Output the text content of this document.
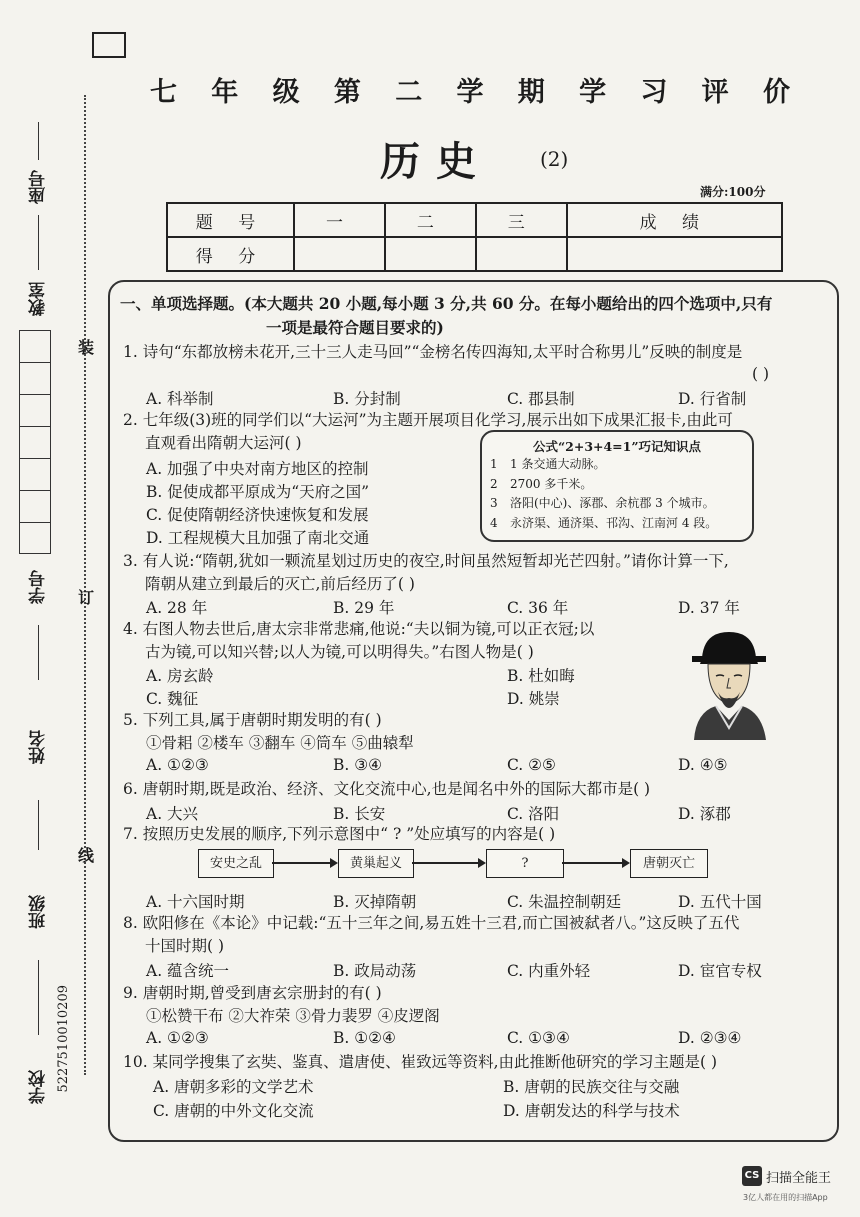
装
订
线
座号
教室
学号
姓名
班级
5227510010209
学校
七 年 级 第 二 学 期 学 习 评 价
历史 (2)
满分:100分
题 号	一	二	三	成 绩
得 分				
一、单项选择题。(本大题共 20 小题,每小题 3 分,共 60 分。在每小题给出的四个选项中,只有
一项是最符合题目要求的)
1. 诗句“东都放榜未花开,三十三人走马回”“金榜名传四海知,太平时合称男儿”反映的制度是
( )
A. 科举制	B. 分封制	C. 郡县制	D. 行省制
2. 七年级(3)班的同学们以“大运河”为主题开展项目化学习,展示出如下成果汇报卡,由此可
直观看出隋朝大运河( )
A. 加强了中央对南方地区的控制
B. 促使成都平原成为“天府之国”
C. 促使隋朝经济快速恢复和发展
D. 工程规模大且加强了南北交通
公式“2+3+4=1”巧记知识点
1 1 条交通大动脉。
2 2700 多千米。
3 洛阳(中心)、涿郡、余杭郡 3 个城市。
4 永济渠、通济渠、邗沟、江南河 4 段。
3. 有人说:“隋朝,犹如一颗流星划过历史的夜空,时间虽然短暂却光芒四射。”请你计算一下,
隋朝从建立到最后的灭亡,前后经历了( )
A. 28 年	B. 29 年	C. 36 年	D. 37 年
4. 右图人物去世后,唐太宗非常悲痛,他说:“夫以铜为镜,可以正衣冠;以
古为镜,可以知兴替;以人为镜,可以明得失。”右图人物是( )
A. 房玄龄	B. 杜如晦
C. 魏征	D. 姚崇
5. 下列工具,属于唐朝时期发明的有( )
①骨耜 ②楼车 ③翻车 ④筒车 ⑤曲辕犁
A. ①②③	B. ③④	C. ②⑤	D. ④⑤
6. 唐朝时期,既是政治、经济、文化交流中心,也是闻名中外的国际大都市是( )
A. 大兴	B. 长安	C. 洛阳	D. 涿郡
7. 按照历史发展的顺序,下列示意图中“ ? ”处应填写的内容是( )
安史之乱	黄巢起义	?	唐朝灭亡
A. 十六国时期	B. 灭掉隋朝	C. 朱温控制朝廷	D. 五代十国
8. 欧阳修在《本论》中记载:“五十三年之间,易五姓十三君,而亡国被弑者八。”这反映了五代
十国时期( )
A. 蕴含统一	B. 政局动荡	C. 内重外轻	D. 宦官专权
9. 唐朝时期,曾受到唐玄宗册封的有( )
①松赞干布 ②大祚荣 ③骨力裴罗 ④皮逻阁
A. ①②③	B. ①②④	C. ①③④	D. ②③④
10. 某同学搜集了玄奘、鉴真、遣唐使、崔致远等资料,由此推断他研究的学习主题是( )
A. 唐朝多彩的文学艺术	B. 唐朝的民族交往与交融
C. 唐朝的中外文化交流	D. 唐朝发达的科学与技术
CS 扫描全能王
3亿人都在用的扫描App
